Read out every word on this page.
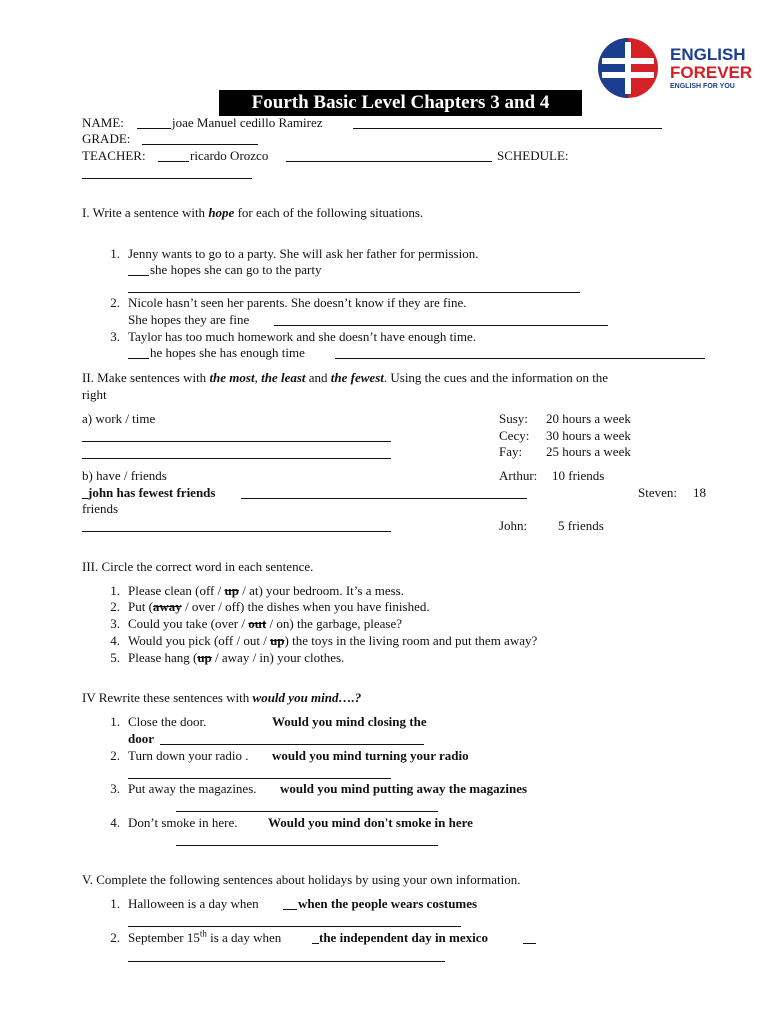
ENGLISH
FOREVER
ENGLISH FOR YOU
Fourth Basic Level Chapters 3 and 4
NAME:	joae Manuel cedillo Ramirez
GRADE:
TEACHER:	ricardo Orozco	SCHEDULE:
I. Write a sentence with hope for each of the following situations.
1. Jenny wants to go to a party. She will ask her father for permission.
she hopes she can go to the party
2. Nicole hasn’t seen her parents. She doesn’t know if they are fine.
She hopes they are fine
3. Taylor has too much homework and she doesn’t have enough time.
he hopes she has enough time
II. Make sentences with the most, the least and the fewest. Using the cues and the information on the
right
a) work / time	Susy: 20 hours a week
Cecy: 30 hours a week
Fay: 25 hours a week
b) have / friends	Arthur: 10 friends
john has fewest friends	Steven: 18
friends
John: 5 friends
III. Circle the correct word in each sentence.
1. Please clean (off / up / at) your bedroom. It’s a mess.
2. Put (away / over / off) the dishes when you have finished.
3. Could you take (over / out / on) the garbage, please?
4. Would you pick (off / out / up) the toys in the living room and put them away?
5. Please hang (up / away / in) your clothes.
IV Rewrite these sentences with would you mind….?
1. Close the door.	Would you mind closing the
door
2. Turn down your radio . would you mind turning your radio
3. Put away the magazines. would you mind putting away the magazines
4. Don’t smoke in here. Would you mind don't smoke in here
V. Complete the following sentences about holidays by using your own information.
1. Halloween is a day when	when the people wears costumes
2. September 15th is a day when	the independent day in mexico
